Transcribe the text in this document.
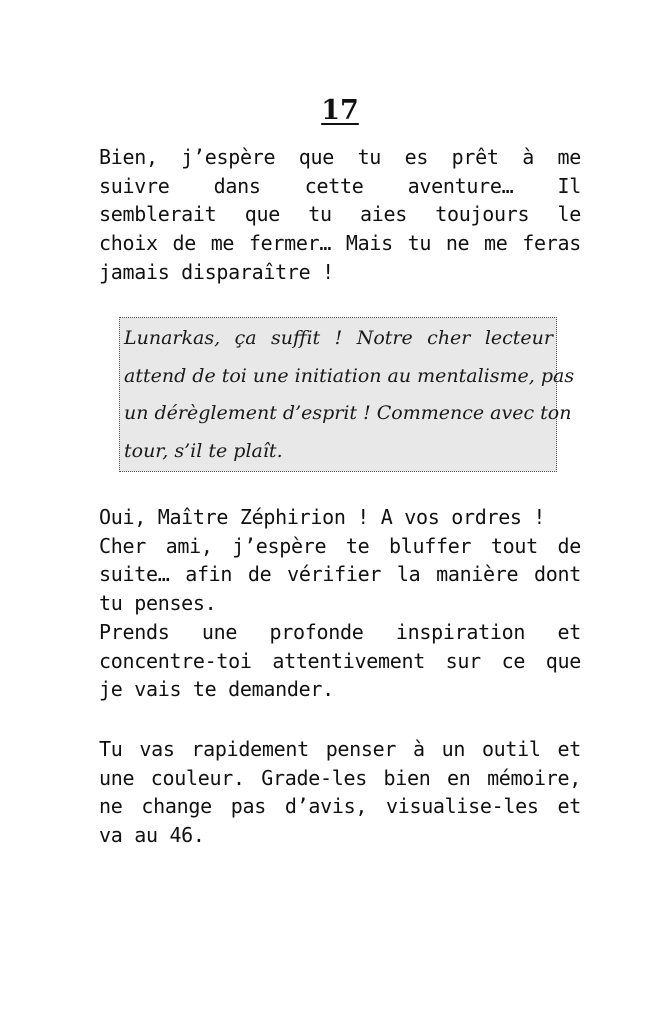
17

Bien, j’espère que tu es prêt à me
suivre dans cette aventure… Il
semblerait que tu aies toujours le
choix de me fermer… Mais tu ne me feras
jamais disparaître !

Lunarkas, ça suffit ! Notre cher lecteur
attend de toi une initiation au mentalisme, pas
un dérèglement d’esprit ! Commence avec ton
tour, s’il te plaît.

Oui, Maître Zéphirion ! A vos ordres !
Cher ami, j’espère te bluffer tout de
suite… afin de vérifier la manière dont
tu penses.
Prends une profonde inspiration et
concentre-toi attentivement sur ce que
je vais te demander.

Tu vas rapidement penser à un outil et
une couleur. Grade-les bien en mémoire,
ne change pas d’avis, visualise-les et
va au 46.
